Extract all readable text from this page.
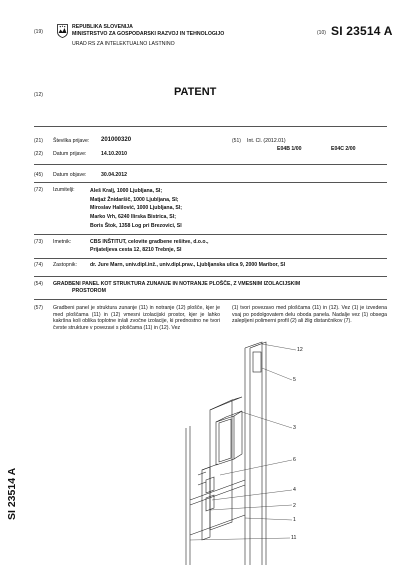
(19)
REPUBLIKA SLOVENIJA
MINISTRSTVO ZA GOSPODARSKI RAZVOJ IN TEHNOLOGIJO
URAD RS ZA INTELEKTUALNO LASTNINO
(10) SI 23514 A
(12)	PATENT
(21) Številka prijave: 201000320	(51) Int. Cl. (2012.01)
E04B 1/00	E04C 2/00
(22) Datum prijave:	14.10.2010
(45) Datum objave:	30.04.2012
(72) Izumitelji:	Aleš Kralj, 1000 Ljubljana, SI;
Matjaž Žnidaršič, 1000 Ljubljana, SI;
Miroslav Halilović, 1000 Ljubljana, SI;
Marko Vrh, 6240 Ilirska Bistrica, SI;
Boris Štok, 1358 Log pri Brezovici, SI
(73) Imetnik:	CBS INŠTITUT, celovite gradbene rešitve, d.o.o.,
Prijateljeva cesta 12, 8210 Trebnje, SI
(74) Zastopnik:	dr. Jure Marn, univ.dipl.inž., univ.dipl.prav., Ljubljanska ulica 9, 2000 Maribor, SI
(54) GRADBENI PANEL KOT STRUKTURA ZUNANJE IN NOTRANJE PLOŠČE, Z VMESNIM IZOLACIJSKIM
PROSTOROM
(57) Gradbeni panel je struktura zunanje (11) in notranje (12) plošče, kjer je med ploščama (11) in (12) vmesni izolacijski prostor, kjer je lahko kakršna koli oblika toplotne in/ali zvočne izolacije, ki prednostno ne tvori čvrste strukture v povezavi s ploščama (11) in (12). Vez
(1) tvori povezavo med ploščama (11) in (12). Vez (1) je izvedena vsaj po podolgovatem delu oboda panela. Nadalje vez (1) obsega zalepljeni polimerni profil (2) ali žlig distančnikov (7).
12
5
3
6
4
2
1
11
SI 23514 A
